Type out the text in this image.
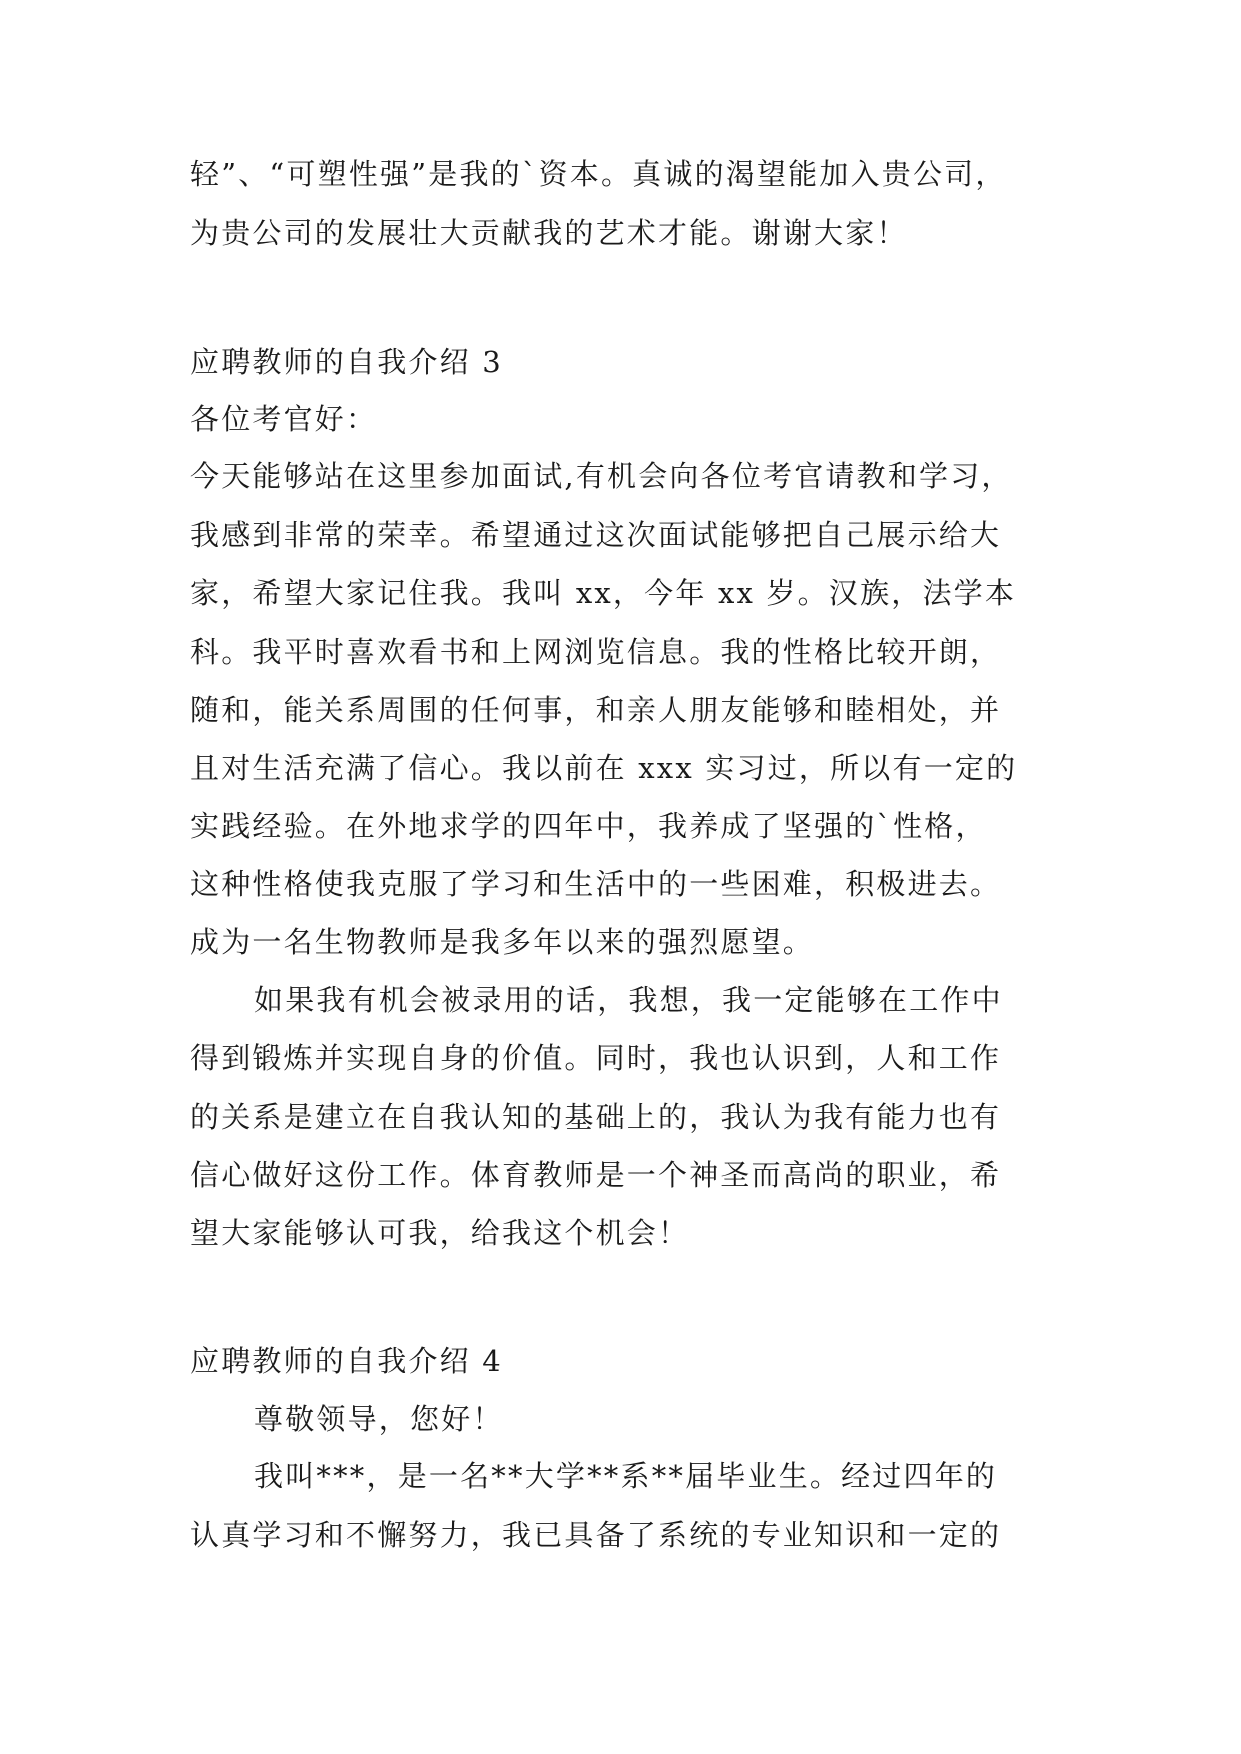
轻”、“可塑性强”是我的`资本。真诚的渴望能加入贵公司，
为贵公司的发展壮大贡献我的艺术才能。谢谢大家！
应聘教师的自我介绍 3
各位考官好：
今天能够站在这里参加面试,有机会向各位考官请教和学习，
我感到非常的荣幸。希望通过这次面试能够把自己展示给大
家，希望大家记住我。我叫 xx，今年 xx 岁。汉族，法学本
科。我平时喜欢看书和上网浏览信息。我的性格比较开朗，
随和，能关系周围的任何事，和亲人朋友能够和睦相处，并
且对生活充满了信心。我以前在 xxx 实习过，所以有一定的
实践经验。在外地求学的四年中，我养成了坚强的`性格，
这种性格使我克服了学习和生活中的一些困难，积极进去。
成为一名生物教师是我多年以来的强烈愿望。
如果我有机会被录用的话，我想，我一定能够在工作中
得到锻炼并实现自身的价值。同时，我也认识到，人和工作
的关系是建立在自我认知的基础上的，我认为我有能力也有
信心做好这份工作。体育教师是一个神圣而高尚的职业，希
望大家能够认可我，给我这个机会！
应聘教师的自我介绍 4
尊敬领导，您好！
我叫***，是一名**大学**系**届毕业生。经过四年的
认真学习和不懈努力，我已具备了系统的专业知识和一定的
